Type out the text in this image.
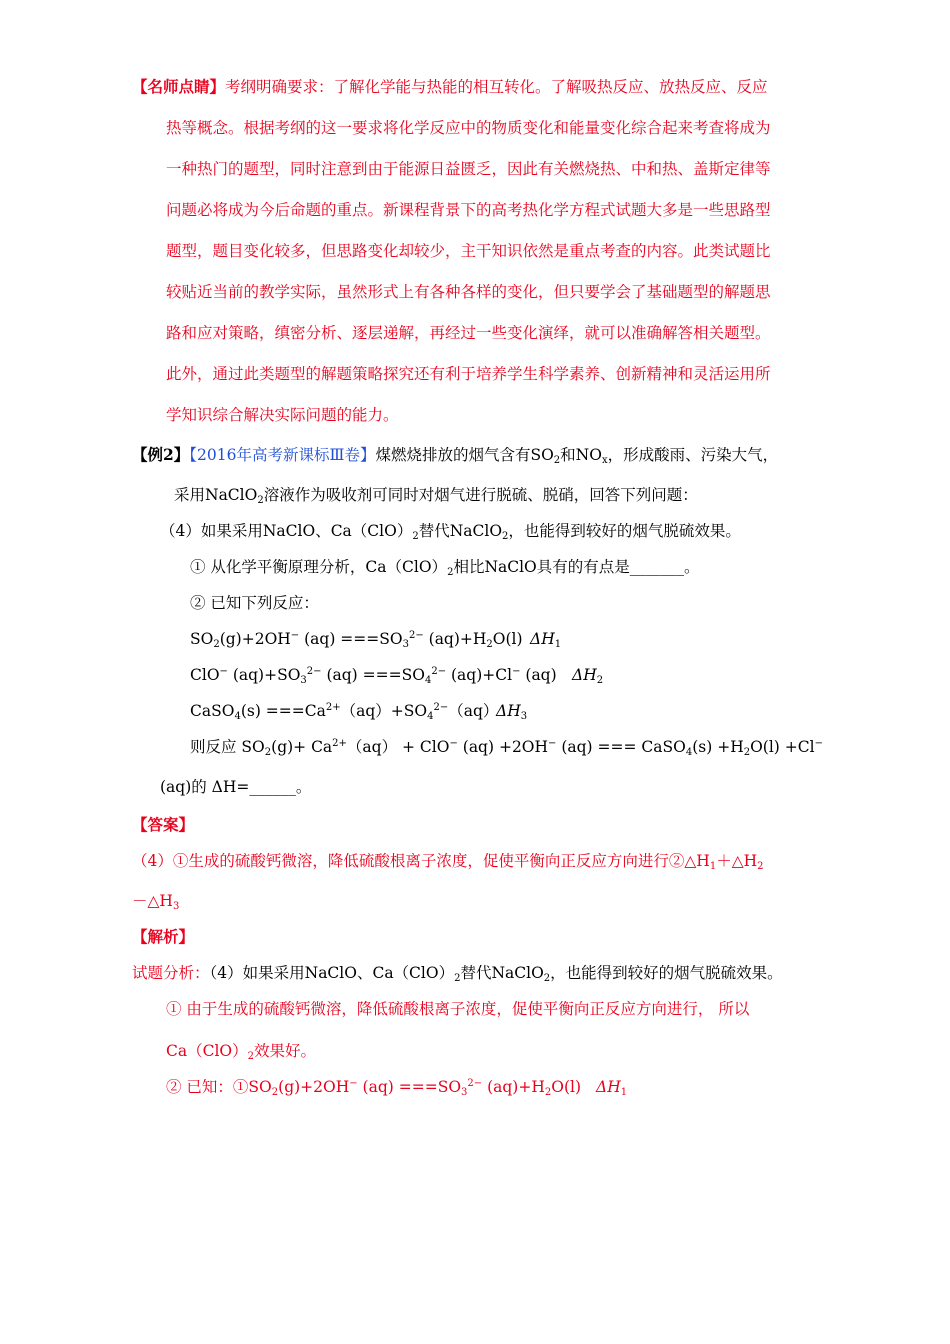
【名师点睛】考纲明确要求：了解化学能与热能的相互转化。了解吸热反应、放热反应、反应
热等概念。根据考纲的这一要求将化学反应中的物质变化和能量变化综合起来考查将成为
一种热门的题型，同时注意到由于能源日益匮乏，因此有关燃烧热、中和热、盖斯定律等
问题必将成为今后命题的重点。新课程背景下的高考热化学方程式试题大多是一些思路型
题型，题目变化较多，但思路变化却较少，主干知识依然是重点考查的内容。此类试题比
较贴近当前的教学实际，虽然形式上有各种各样的变化，但只要学会了基础题型的解题思
路和应对策略，缜密分析、逐层递解，再经过一些变化演绎，就可以准确解答相关题型。
此外，通过此类题型的解题策略探究还有利于培养学生科学素养、创新精神和灵活运用所
学知识综合解决实际问题的能力。
【例2】【2016年高考新课标Ⅲ卷】煤燃烧排放的烟气含有$SO_2$和$NO_x$，形成酸雨、污染大气，
采用NaClO$_2$溶液作为吸收剂可同时对烟气进行脱硫、脱硝，回答下列问题：
（4）如果采用NaClO、$Ca(ClO)_2$替代NaClO$_2$，也能得到较好的烟气脱硫效果。
① 从化学平衡原理分析，$Ca(ClO)_2$相比NaClO具有的有点是_______。
② 已知下列反应：
$SO_2(g)+2OH^-$ $(aq) ===SO_3^{2-}$ $(aq)+H_2O(l)$ $\Delta H_1$
ClO− $(aq)+SO_3^{2-}$ $(aq) ===SO_4^{2-}$ (aq)+Cl− (aq) $\Delta H_2$
CaSO$_4$(s) $===Ca^{2+}(aq)+SO_4^{2-}(aq)$
$\Delta H_3$
则反应 $SO_2(g)+ Ca^{2+}(aq) + ClO^-$ (aq) +2OH− (aq) === CaSO$_4$(s) $+H_2O(l) +Cl^-$
(aq)的 ΔH=______。
【答案】
（4）①生成的硫酸钙微溶，降低硫酸根离子浓度，促使平衡向正反应方向进行$②\triangle H_1+\triangle H_2$
$-\triangle H_3$
【解析】
试题分析：（4）如果采用NaClO、$Ca(ClO)_2$替代NaClO$_2$，也能得到较好的烟气脱硫效果。
① 由于生成的硫酸钙微溶，降低硫酸根离子浓度，促使平衡向正反应方向进行， 所以
$Ca(ClO)_2$效果好。
② 已知：$①SO_2(g)+2OH^-$ $(aq) ===SO_3^{2-}$ $(aq)+H_2O(l)$ $\Delta H_1$
